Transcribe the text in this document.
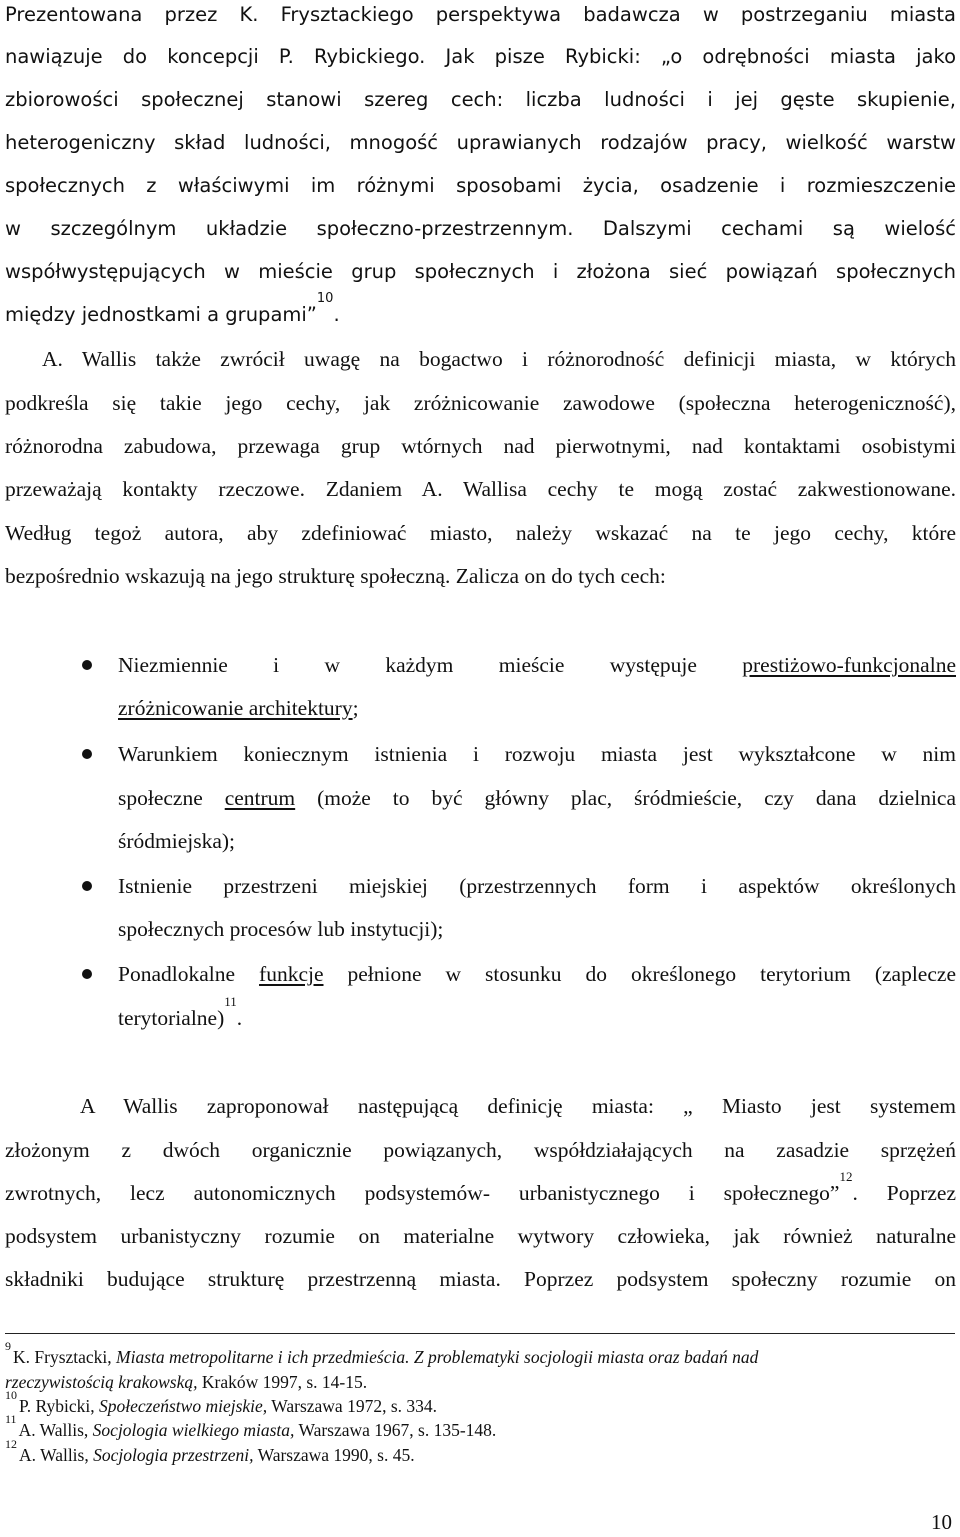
Prezentowana przez K. Frysztackiego perspektywa badawcza w postrzeganiu miasta
nawiązuje do koncepcji P. Rybickiego. Jak pisze Rybicki: „o odrębności miasta jako
zbiorowości społecznej stanowi szereg cech: liczba ludności i jej gęste skupienie,
heterogeniczny skład ludności, mnogość uprawianych rodzajów pracy, wielkość warstw
społecznych z właściwymi im różnymi sposobami życia, osadzenie i rozmieszczenie
w szczególnym układzie społeczno-przestrzennym. Dalszymi cechami są wielość
współwystępujących w mieście grup społecznych i złożona sieć powiązań społecznych
między jednostkami a grupami”$^{10}$.
A. Wallis także zwrócił uwagę na bogactwo i różnorodność definicji miasta, w których
podkreśla się takie jego cechy, jak zróżnicowanie zawodowe (społeczna heterogeniczność),
różnorodna zabudowa, przewaga grup wtórnych nad pierwotnymi, nad kontaktami osobistymi
przeważają kontakty rzeczowe. Zdaniem A. Wallisa cechy te mogą zostać zakwestionowane.
Według tegoż autora, aby zdefiniować miasto, należy wskazać na te jego cechy, które
bezpośrednio wskazują na jego strukturę społeczną. Zalicza on do tych cech:
Niezmiennie i w każdym mieście występuje prestiżowo-funkcjonalne
zróżnicowanie architektury;
Warunkiem koniecznym istnienia i rozwoju miasta jest wykształcone w nim
społeczne centrum (może to być główny plac, śródmieście, czy dana dzielnica
śródmiejska);
Istnienie przestrzeni miejskiej (przestrzennych form i aspektów określonych
społecznych procesów lub instytucji);
Ponadlokalne funkcje pełnione w stosunku do określonego terytorium (zaplecze
terytorialne)$^{11}$.
A Wallis zaproponował następującą definicję miasta: „ Miasto jest systemem
złożonym z dwóch organicznie powiązanych, współdziałających na zasadzie sprzężeń
zwrotnych, lecz autonomicznych podsystemów- urbanistycznego i społecznego”$^{12}$. Poprzez
podsystem urbanistyczny rozumie on materialne wytwory człowieka, jak również naturalne
składniki budujące strukturę przestrzenną miasta. Poprzez podsystem społeczny rozumie on
$^9$K. Frysztacki, Miasta metropolitarne i ich przedmieścia. Z problematyki socjologii miasta oraz badań nad
rzeczywistością krakowską, Kraków 1997, s. 14-15.
$^{10}$P. Rybicki, Społeczeństwo miejskie, Warszawa 1972, s. 334.
$^{11}$A. Wallis, Socjologia wielkiego miasta, Warszawa 1967, s. 135-148.
$^{12}$A. Wallis, Socjologia przestrzeni, Warszawa 1990, s. 45.
10
